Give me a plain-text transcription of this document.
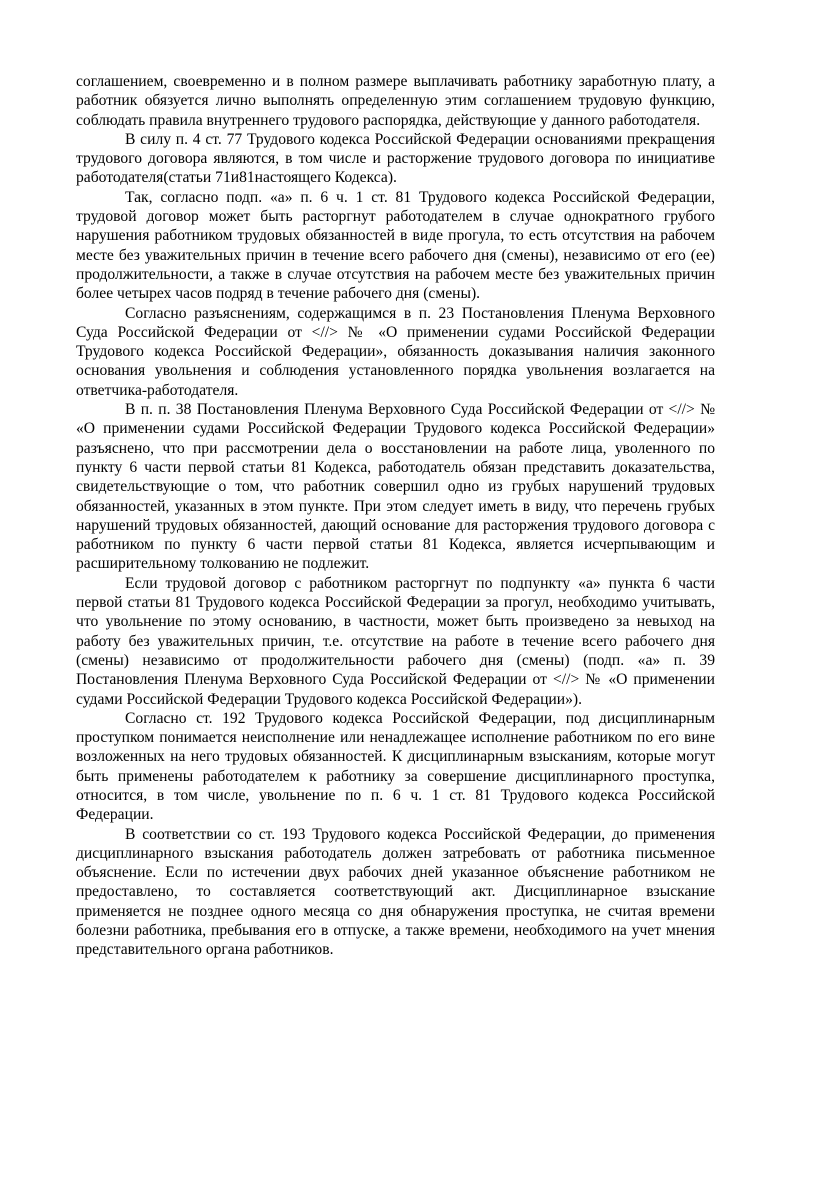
соглашением, своевременно и в полном размере выплачивать работнику заработную плату, а работник обязуется лично выполнять определенную этим соглашением трудовую функцию, соблюдать правила внутреннего трудового распорядка, действующие у данного работодателя.

В силу п. 4 ст. 77 Трудового кодекса Российской Федерации основаниями прекращения трудового договора являются, в том числе и расторжение трудового договора по инициативе работодателя(статьи 71и81настоящего Кодекса).

Так, согласно подп. «а» п. 6 ч. 1 ст. 81 Трудового кодекса Российской Федерации, трудовой договор может быть расторгнут работодателем в случае однократного грубого нарушения работником трудовых обязанностей в виде прогула, то есть отсутствия на рабочем месте без уважительных причин в течение всего рабочего дня (смены), независимо от его (ее) продолжительности, а также в случае отсутствия на рабочем месте без уважительных причин более четырех часов подряд в течение рабочего дня (смены).

Согласно разъяснениям, содержащимся в п. 23 Постановления Пленума Верховного Суда Российской Федерации от <//> № «О применении судами Российской Федерации Трудового кодекса Российской Федерации», обязанность доказывания наличия законного основания увольнения и соблюдения установленного порядка увольнения возлагается на ответчика-работодателя.

В п. п. 38 Постановления Пленума Верховного Суда Российской Федерации от <//> № «О применении судами Российской Федерации Трудового кодекса Российской Федерации» разъяснено, что при рассмотрении дела о восстановлении на работе лица, уволенного по пункту 6 части первой статьи 81 Кодекса, работодатель обязан представить доказательства, свидетельствующие о том, что работник совершил одно из грубых нарушений трудовых обязанностей, указанных в этом пункте. При этом следует иметь в виду, что перечень грубых нарушений трудовых обязанностей, дающий основание для расторжения трудового договора с работником по пункту 6 части первой статьи 81 Кодекса, является исчерпывающим и расширительному толкованию не подлежит.

Если трудовой договор с работником расторгнут по подпункту «а» пункта 6 части первой статьи 81 Трудового кодекса Российской Федерации за прогул, необходимо учитывать, что увольнение по этому основанию, в частности, может быть произведено за невыход на работу без уважительных причин, т.е. отсутствие на работе в течение всего рабочего дня (смены) независимо от продолжительности рабочего дня (смены) (подп. «а» п. 39 Постановления Пленума Верховного Суда Российской Федерации от <//> № «О применении судами Российской Федерации Трудового кодекса Российской Федерации»).

Согласно ст. 192 Трудового кодекса Российской Федерации, под дисциплинарным проступком понимается неисполнение или ненадлежащее исполнение работником по его вине возложенных на него трудовых обязанностей. К дисциплинарным взысканиям, которые могут быть применены работодателем к работнику за совершение дисциплинарного проступка, относится, в том числе, увольнение по п. 6 ч. 1 ст. 81 Трудового кодекса Российской Федерации.

В соответствии со ст. 193 Трудового кодекса Российской Федерации, до применения дисциплинарного взыскания работодатель должен затребовать от работника письменное объяснение. Если по истечении двух рабочих дней указанное объяснение работником не предоставлено, то составляется соответствующий акт. Дисциплинарное взыскание применяется не позднее одного месяца со дня обнаружения проступка, не считая времени болезни работника, пребывания его в отпуске, а также времени, необходимого на учет мнения представительного органа работников.
